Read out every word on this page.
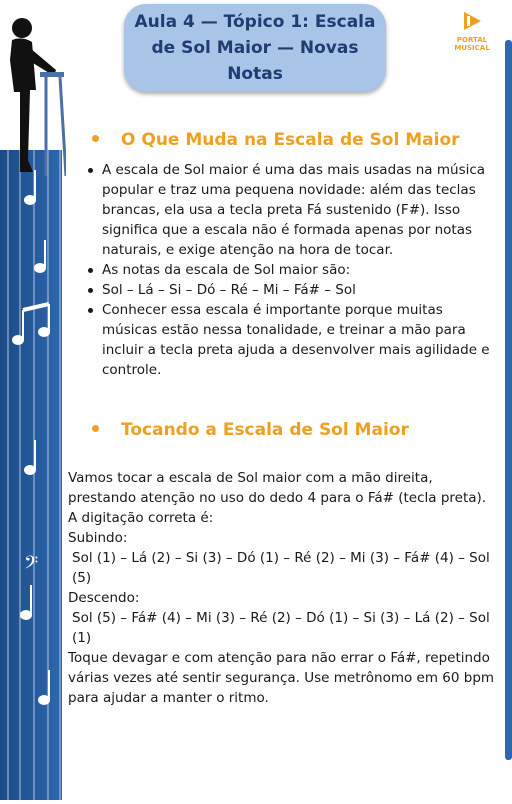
𝄢
Aula 4 — Tópico 1: Escala de Sol Maior — Novas Notas
PORTAL
MUSICAL
O Que Muda na Escala de Sol Maior
A escala de Sol maior é uma das mais usadas na música popular e traz uma pequena novidade: além das teclas brancas, ela usa a tecla preta Fá sustenido (F#). Isso significa que a escala não é formada apenas por notas naturais, e exige atenção na hora de tocar.
As notas da escala de Sol maior são:
Sol – Lá – Si – Dó – Ré – Mi – Fá# – Sol
Conhecer essa escala é importante porque muitas músicas estão nessa tonalidade, e treinar a mão para incluir a tecla preta ajuda a desenvolver mais agilidade e controle.
Tocando a Escala de Sol Maior

Vamos tocar a escala de Sol maior com a mão direita, prestando atenção no uso do dedo 4 para o Fá# (tecla preta). A digitação correta é:

Subindo:

Sol (1) – Lá (2) – Si (3) – Dó (1) – Ré (2) – Mi (3) – Fá# (4) – Sol (5)

Descendo:

Sol (5) – Fá# (4) – Mi (3) – Ré (2) – Dó (1) – Si (3) – Lá (2) – Sol (1)

Toque devagar e com atenção para não errar o Fá#, repetindo várias vezes até sentir segurança. Use metrônomo em 60 bpm para ajudar a manter o ritmo.
